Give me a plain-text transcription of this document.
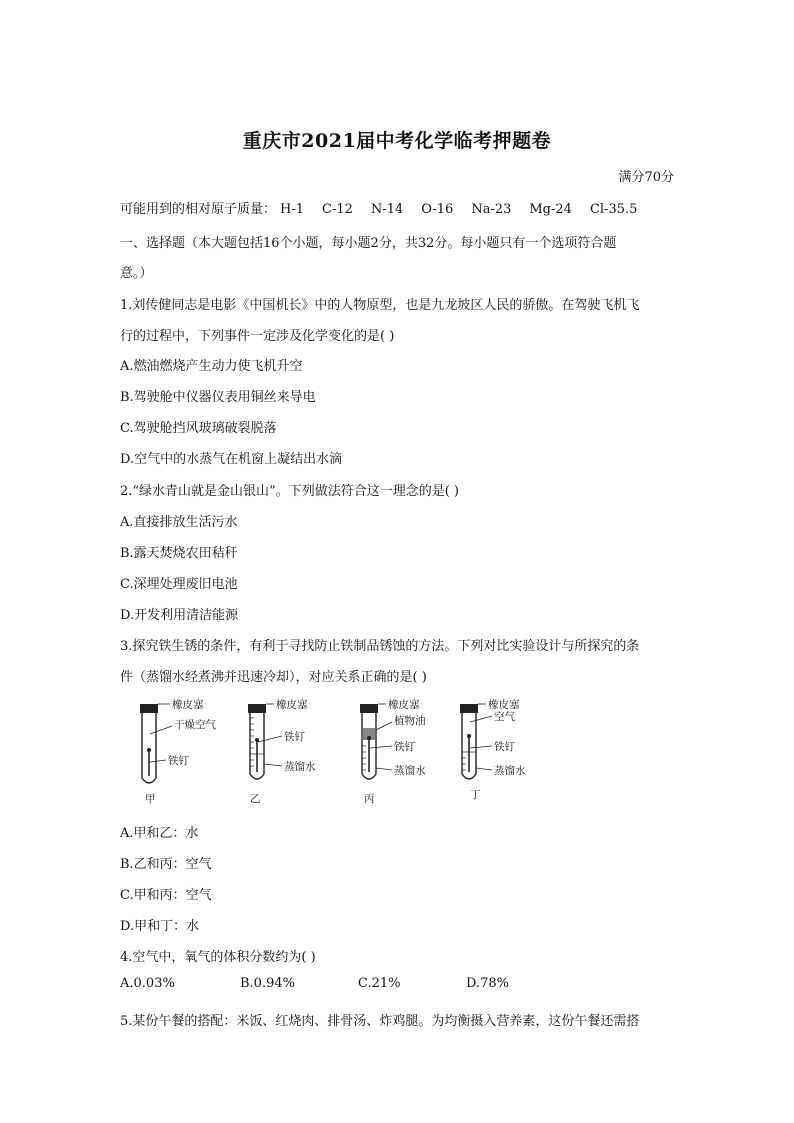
重庆市2021届中考化学临考押题卷
满分70分
可能用到的相对原子质量： H-1 C-12 N-14 O-16 Na-23 Mg-24 Cl-35.5
一、选择题（本大题包括16个小题，每小题2分，共32分。每小题只有一个选项符合题
意。）
1.刘传健同志是电影《中国机长》中的人物原型，也是九龙坡区人民的骄傲。在驾驶飞机飞
行的过程中，下列事件一定涉及化学变化的是( )
A.燃油燃烧产生动力使飞机升空
B.驾驶舱中仪器仪表用铜丝来导电
C.驾驶舱挡风玻璃破裂脱落
D.空气中的水蒸气在机窗上凝结出水滴
2.“绿水青山就是金山银山”。下列做法符合这一理念的是( )
A.直接排放生活污水
B.露天焚烧农田秸秆
C.深埋处理废旧电池
D.开发利用清洁能源
3.探究铁生锈的条件，有利于寻找防止铁制品锈蚀的方法。下列对比实验设计与所探究的条
件（蒸馏水经煮沸并迅速冷却），对应关系正确的是( )
橡皮塞
干燥空气
铁钉
甲
橡皮塞
铁钉
蒸馏水
乙
橡皮塞
植物油
铁钉
蒸馏水
丙
橡皮塞
空气
铁钉
蒸馏水
丁
A.甲和乙：水
B.乙和丙：空气
C.甲和丙：空气
D.甲和丁：水
4.空气中，氧气的体积分数约为( )
A.0.03%	B.0.94%	C.21%	D.78%
5.某份午餐的搭配：米饭、红烧肉、排骨汤、炸鸡腿。为均衡摄入营养素，这份午餐还需搭
